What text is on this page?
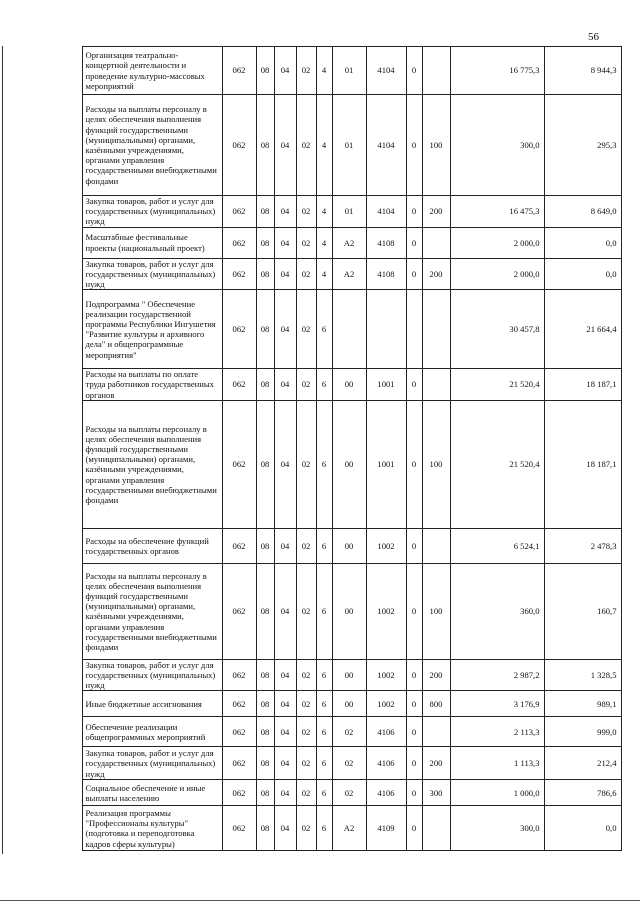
56
	Организация театрально-концертной деятельности и проведение культурно-массовых мероприятий	062	08	04	02	4	01	4104	0		16 775,3	8 944,3
	Расходы на выплаты персоналу в целях обеспечения выполнения функций государственными (муниципальными) органами, казёнными учреждениями, органами управления государственными внебюджетными фондами	062	08	04	02	4	01	4104	0	100	300,0	295,3
	Закупка товаров, работ и услуг для государственных (муниципальных) нужд	062	08	04	02	4	01	4104	0	200	16 475,3	8 649,0
	Масштабные фестивальные проекты (национальный проект)	062	08	04	02	4	А2	4108	0		2 000,0	0,0
	Закупка товаров, работ и услуг для государственных (муниципальных) нужд	062	08	04	02	4	А2	4108	0	200	2 000,0	0,0
	Подпрограмма " Обеспечение реализации государственной программы Республики Ингушетия "Развитие культуры и архивного дела" и общепрограммные мероприятия"	062	08	04	02	6					30 457,8	21 664,4
	Расходы на выплаты по оплате труда работников государственных органов	062	08	04	02	6	00	1001	0		21 520,4	18 187,1
	Расходы на выплаты персоналу в целях обеспечения выполнения функций государственными (муниципальными) органами, казёнными учреждениями, органами управления государственными внебюджетными фондами	062	08	04	02	6	00	1001	0	100	21 520,4	18 187,1
	Расходы на обеспечение функций государственных органов	062	08	04	02	6	00	1002	0		6 524,1	2 478,3
	Расходы на выплаты персоналу в целях обеспечения выполнения функций государственными (муниципальными) органами, казёнными учреждениями, органами управления государственными внебюджетными фондами	062	08	04	02	6	00	1002	0	100	360,0	160,7
	Закупка товаров, работ и услуг для государственных (муниципальных) нужд	062	08	04	02	6	00	1002	0	200	2 987,2	1 328,5
	Иные бюджетные ассигнования	062	08	04	02	6	00	1002	0	800	3 176,9	989,1
	Обеспечение реализации общепрограммных мероприятий	062	08	04	02	6	02	4106	0		2 113,3	999,0
	Закупка товаров, работ и услуг для государственных (муниципальных) нужд	062	08	04	02	6	02	4106	0	200	1 113,3	212,4
	Социальное обеспечение и иные выплаты населению	062	08	04	02	6	02	4106	0	300	1 000,0	786,6
	Реализация программы "Профессионалы культуры" (подготовка и переподготовка кадров сферы культуры)	062	08	04	02	6	А2	4109	0		300,0	0,0
